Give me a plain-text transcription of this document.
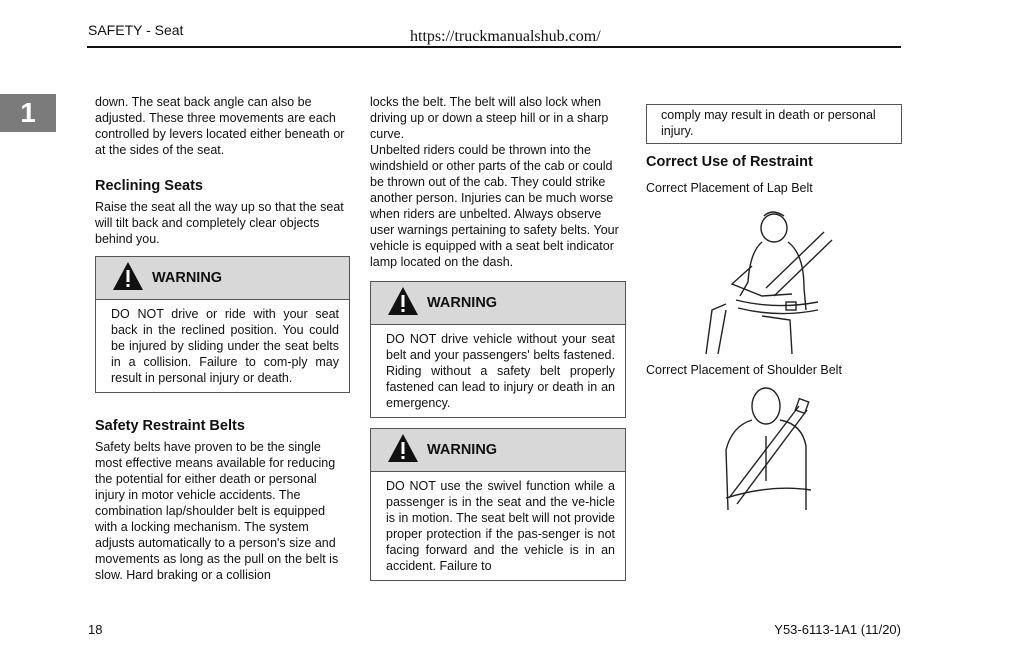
SAFETY - Seat	https://truckmanualshub.com/
1	down. The seat back angle can also be adjusted. These three movements are each controlled by levers located either beneath or at the sides of the seat.

Reclining Seats

Raise the seat all the way up so that the seat will tilt back and completely clear objects behind you.

WARNING
DO NOT drive or ride with your seat back in the reclined position. You could be injured by sliding under the seat belts in a collision. Failure to com-ply may result in personal injury or death.
Safety Restraint Belts

Safety belts have proven to be the single most effective means available for reducing the potential for either death or personal injury in motor vehicle accidents. The combination lap/shoulder belt is equipped with a locking mechanism. The system adjusts automatically to a person's size and movements as long as the pull on the belt is slow. Hard braking or a collision

locks the belt. The belt will also lock when driving up or down a steep hill or in a sharp curve.

Unbelted riders could be thrown into the windshield or other parts of the cab or could be thrown out of the cab. They could strike another person. Injuries can be much worse when riders are unbelted. Always observe user warnings pertaining to safety belts. Your vehicle is equipped with a seat belt indicator lamp located on the dash.

WARNING
DO NOT drive vehicle without your seat belt and your passengers' belts fastened. Riding without a safety belt properly fastened can lead to injury or death in an emergency.
WARNING
DO NOT use the swivel function while a passenger is in the seat and the ve-hicle is in motion. The seat belt will not provide proper protection if the pas-senger is not facing forward and the vehicle is in an accident. Failure to
comply may result in death or personal injury.
Correct Use of Restraint

Correct Placement of Lap Belt

Correct Placement of Shoulder Belt

18	Y53-6113-1A1 (11/20)
